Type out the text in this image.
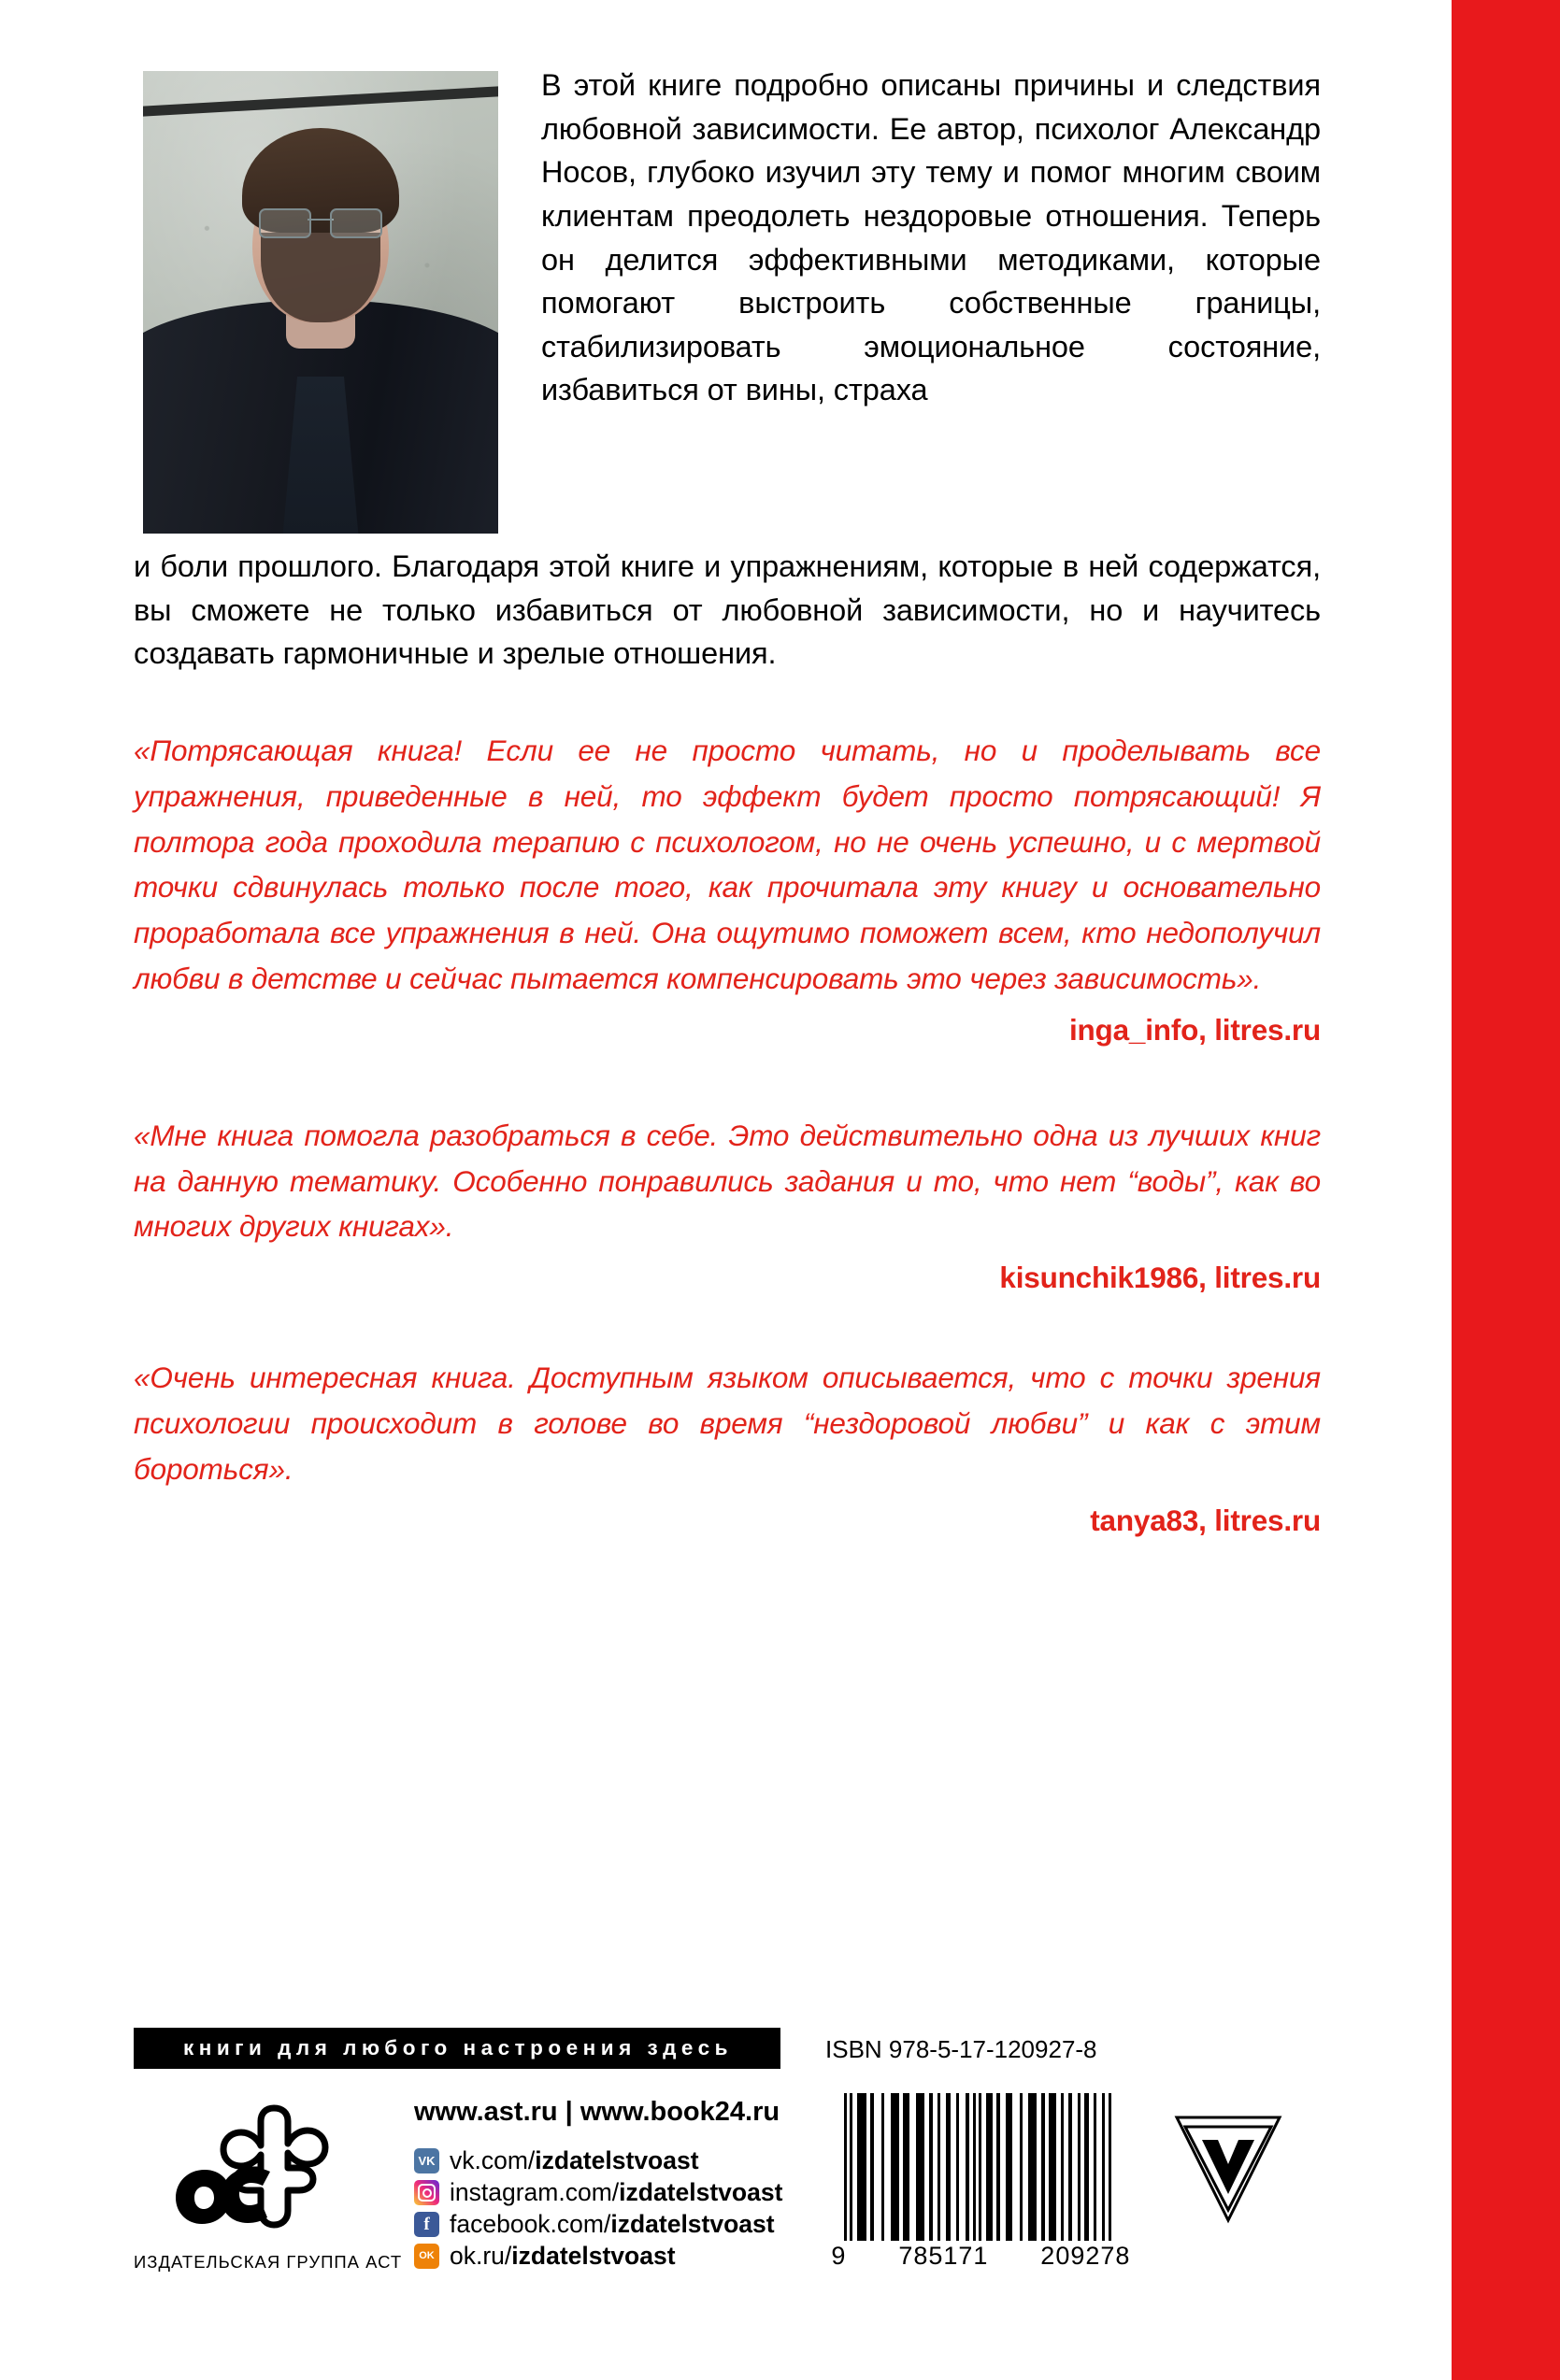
В этой книге подробно описаны причины и следствия любовной зависимости. Ее автор, психолог Александр Носов, глубоко изучил эту тему и помог многим своим клиентам преодолеть нездоровые отношения. Теперь он делится эффективными методиками, которые помогают выстроить собственные границы, стабилизировать эмоциональное состояние, избавиться от вины, страха
и боли прошлого. Благодаря этой книге и упражнениям, которые в ней содержатся, вы сможете не только избавиться от любовной зависимости, но и научитесь создавать гармоничные и зрелые отношения.
«Потрясающая книга! Если ее не просто читать, но и проделывать все упражнения, приведенные в ней, то эффект будет просто потрясающий! Я полтора года проходила терапию с психологом, но не очень успешно, и с мертвой точки сдвинулась только после того, как прочитала эту книгу и основательно проработала все упражнения в ней. Она ощутимо поможет всем, кто недополучил любви в детстве и сейчас пытается компенсировать это через зависимость».
inga_info, litres.ru
«Мне книга помогла разобраться в себе. Это действительно одна из лучших книг на данную тематику. Особенно понравились задания и то, что нет “воды”, как во многих других книгах».
kisunchik1986, litres.ru
«Очень интересная книга. Доступным языком описывается, что с точки зрения психологии происходит в голове во время “нездоровой любви” и как с этим бороться».
tanya83, litres.ru
книги для любого настроения здесь	ISBN 978-5-17-120927-8
ИЗДАТЕЛЬСКАЯ ГРУППА АСТ
www.ast.ru | www.book24.ru
VK vk.com/izdatelstvoast
instagram.com/izdatelstvoast
f facebook.com/izdatelstvoast
OK ok.ru/izdatelstvoast	9 785171 209278
